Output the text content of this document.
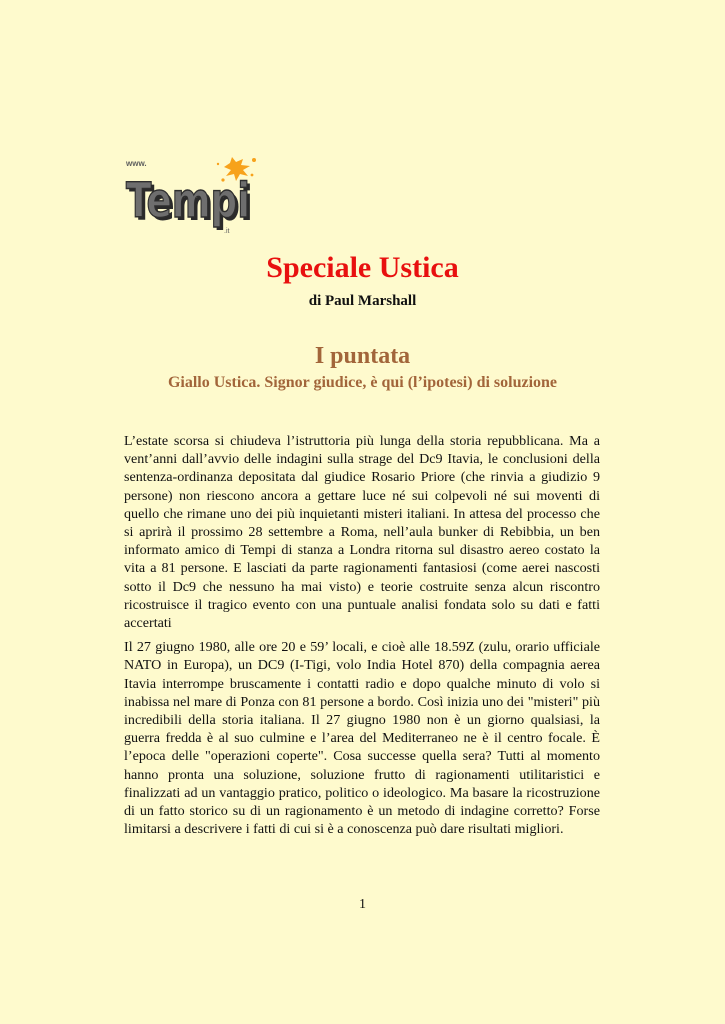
www.
Tempi
Tempi
.it
Speciale Ustica
di Paul Marshall
I puntata
Giallo Ustica. Signor giudice, è qui (l’ipotesi) di soluzione

L’estate scorsa si chiudeva l’istruttoria più lunga della storia repubblicana. Ma a vent’anni dall’avvio delle indagini sulla strage del Dc9 Itavia, le conclusioni della sentenza-ordinanza depositata dal giudice Rosario Priore (che rinvia a giudizio 9 persone) non riescono ancora a gettare luce né sui colpevoli né sui moventi di quello che rimane uno dei più inquietanti misteri italiani. In attesa del processo che si aprirà il prossimo 28 settembre a Roma, nell’aula bunker di Rebibbia, un ben informato amico di Tempi di stanza a Londra ritorna sul disastro aereo costato la vita a 81 persone. E lasciati da parte ragionamenti fantasiosi (come aerei nascosti sotto il Dc9 che nessuno ha mai visto) e teorie costruite senza alcun riscontro ricostruisce il tragico evento con una puntuale analisi fondata solo su dati e fatti accertati

Il 27 giugno 1980, alle ore 20 e 59’ locali, e cioè alle 18.59Z (zulu, orario ufficiale NATO in Europa), un DC9 (I-Tigi, volo India Hotel 870) della compagnia aerea Itavia interrompe bruscamente i contatti radio e dopo qualche minuto di volo si inabissa nel mare di Ponza con 81 persone a bordo. Così inizia uno dei "misteri" più incredibili della storia italiana. Il 27 giugno 1980 non è un giorno qualsiasi, la guerra fredda è al suo culmine e l’area del Mediterraneo ne è il centro focale. È l’epoca delle "operazioni coperte". Cosa successe quella sera? Tutti al momento hanno pronta una soluzione, soluzione frutto di ragionamenti utilitaristici e finalizzati ad un vantaggio pratico, politico o ideologico. Ma basare la ricostruzione di un fatto storico su di un ragionamento è un metodo di indagine corretto? Forse limitarsi a descrivere i fatti di cui si è a conoscenza può dare risultati migliori.

1
